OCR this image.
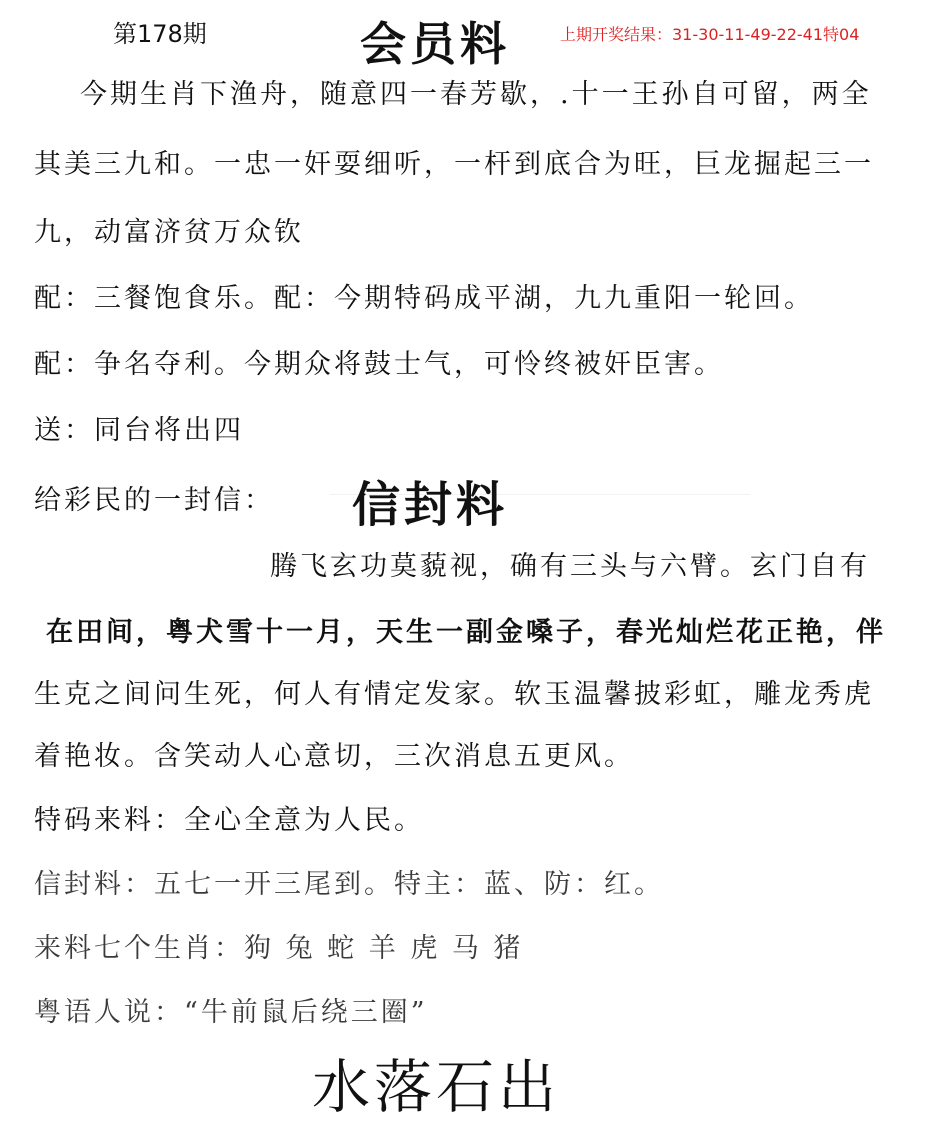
第178期	会员料	上期开奖结果：31-30-11-49-22-41特04
今期生肖下渔舟，随意四一春芳歇，.十一王孙自可留，两全
其美三九和。一忠一奸耍细听，一杆到底合为旺，巨龙掘起三一
九，动富济贫万众钦
配：三餐饱食乐。配：今期特码成平湖，九九重阳一轮回。
配：争名夺利。今期众将鼓士气，可怜终被奸臣害。
送：同台将出四
给彩民的一封信： 信封料
腾飞玄功莫藐视，确有三头与六臂。玄门自有
在田间，粤犬雪十一月，天生一副金嗓子，春光灿烂花正艳，伴
生克之间问生死，何人有情定发家。软玉温馨披彩虹，雕龙秀虎
着艳妆。含笑动人心意切，三次消息五更风。
特码来料：全心全意为人民。
信封料：五七一开三尾到。特主：蓝、防：红。
来料七个生肖：狗 兔 蛇 羊 虎 马 猪
粤语人说：“牛前鼠后绕三圈”
水落石出
